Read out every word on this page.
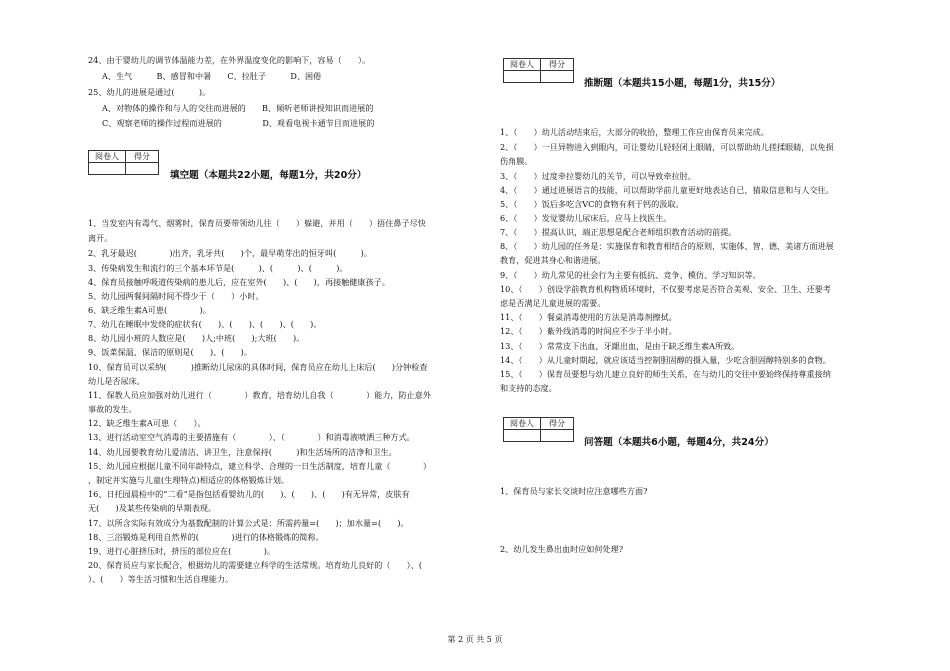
24、由于婴幼儿的调节体温能力差，在外界温度变化的影响下，容易（　　）。
A、生气　　　B、感冒和中暑　　C、拉肚子　　　D、困倦
25、幼儿的进展是通过(　　　)。
A、对物体的操作和与人的交往而进展的　　B、倾听老师讲授知识而进展的
C、观察老师的操作过程而进展的　　　　　D、观看电视卡通节目而进展的
阅卷人	得分

填空题（本题共22小题，每题1分，共20分）
1、当发室内有毒气、烟雾时，保育员要带领幼儿往（　　）躲避，并用（　　）捂住鼻子尽快
离开。
2、乳牙最迟(　　　　)出齐，乳牙共(　　)个，最早萌芽出的恒牙叫(　　　)。
3、传染病发生和流行的三个基本环节是(　　　)、(　　　)、(　　　)。
4、保育员接触呼吸道传染病的患儿后，应在室外(　　)、(　　)，再接触健康孩子。
5、幼儿园两餐间隔时间不得少于（　　）小时。
6、缺乏维生素A可患(　　　　)。
7、幼儿在睡眠中发烧的症状有(　　)、(　　)、(　　)、(　　)。
8、幼儿园小班的人数应是(　　)人;中班(　　);大班(　　)。
9、饭菜保温、保洁的原则是(　　)、(　　)。
10、保育员可以采纳(　　　)推断幼儿尿床的具体时间，保育员应在幼儿上床后(　　)分钟检查
幼儿是否尿床。
11、保教人员应加强对幼儿进行（　　　　）教育，培育幼儿自我（　　　　）能力，防止意外
事故的发生。
12、缺乏维生素A可患（　　）。
13、进行活动室空气消毒的主要措施有（　　　　）、（　　　　）和消毒液喷洒三种方式。
14、幼儿园要教育幼儿爱清洁、讲卫生，注意保持(　　　)和生活场所的洁净和卫生。
15、幼儿园应根据儿童不同年龄特点，建立科学、合理的一日生活制度，培育儿童（　　　　）
，制定并实施与儿童(生理特点)相适应的体格锻炼计划。
16、日托园晨检中的“二看”是指包括看婴幼儿的(　　)、(　　)、(　　)有无异常，皮肤有
无(　　)及某些传染病的早期表现。
17、以所含实际有效成分为基数配制的计算公式是：所需药量=(　　)；加水量=(　　)。
18、三浴锻炼是利用自然界的(　　　　)进行的体格锻炼的简称。
19、进行心脏挤压时，挤压的部位应在(　　　　)。
20、保育员应与家长配合，根据幼儿的需要建立科学的生活常规。培育幼儿良好的（　　）、(
）、(　　）等生活习惯和生活自理能力。
阅卷人	得分

推断题（本题共15小题，每题1分，共15分）
1、（　　）幼儿活动结束后，大部分的收拾，整理工作应由保育员来完成。
2、（　　）一旦异物进入到眼内，可让婴幼儿轻轻闭上眼睛，可以帮助幼儿搓揉眼睛，以免损
伤角膜。
3、（　　）过度牵拉婴幼儿的关节，可以导致牵拉肘。
4、（　　）通过进展语言的技能，可以帮助学前儿童更好地表达自已，猜取信息和与人交往。
5、（　　）饭后多吃含VC的食物有利于钙的汲取。
6、（　　）发觉婴幼儿尿床后，应马上找医生。
7、（　　）提高认识，端正思想是配合老师组织教育活动的前提。
8、（　　）幼儿园的任务是：实施保育和教育相结合的原则，实施体、智、德、美诸方面进展
教育，促进其身心和谐进展。
9、（　　）幼儿常见的社会行为主要有抵抗、竞争、模仿、学习知识等。
10、（　　）创设学前教育机构物质环境时，不仅要考虑是否符合美观、安全、卫生、还要考
虑是否满足儿童进展的需要。
11、（　　）餐桌消毒使用的方法是消毒剂擦拭。
12、（　　）紫外线消毒的时间应不少于半小时。
13、（　　）常常皮下出血，牙龈出血，是由于缺乏维生素A所致。
14、（　　）从儿童时期起，就应该适当控制胆固醇的摄入量，少吃含胆固醇特别多的食物。
15、（　　）保育员要想与幼儿建立良好的师生关系，在与幼儿的交往中要始终保持尊重接纳
和支持的态度。
阅卷人	得分

问答题（本题共6小题，每题4分，共24分）
1、保育员与家长交谈时应注意哪些方面?
2、幼儿发生鼻出血时应如何处理?
第 2 页 共 5 页
